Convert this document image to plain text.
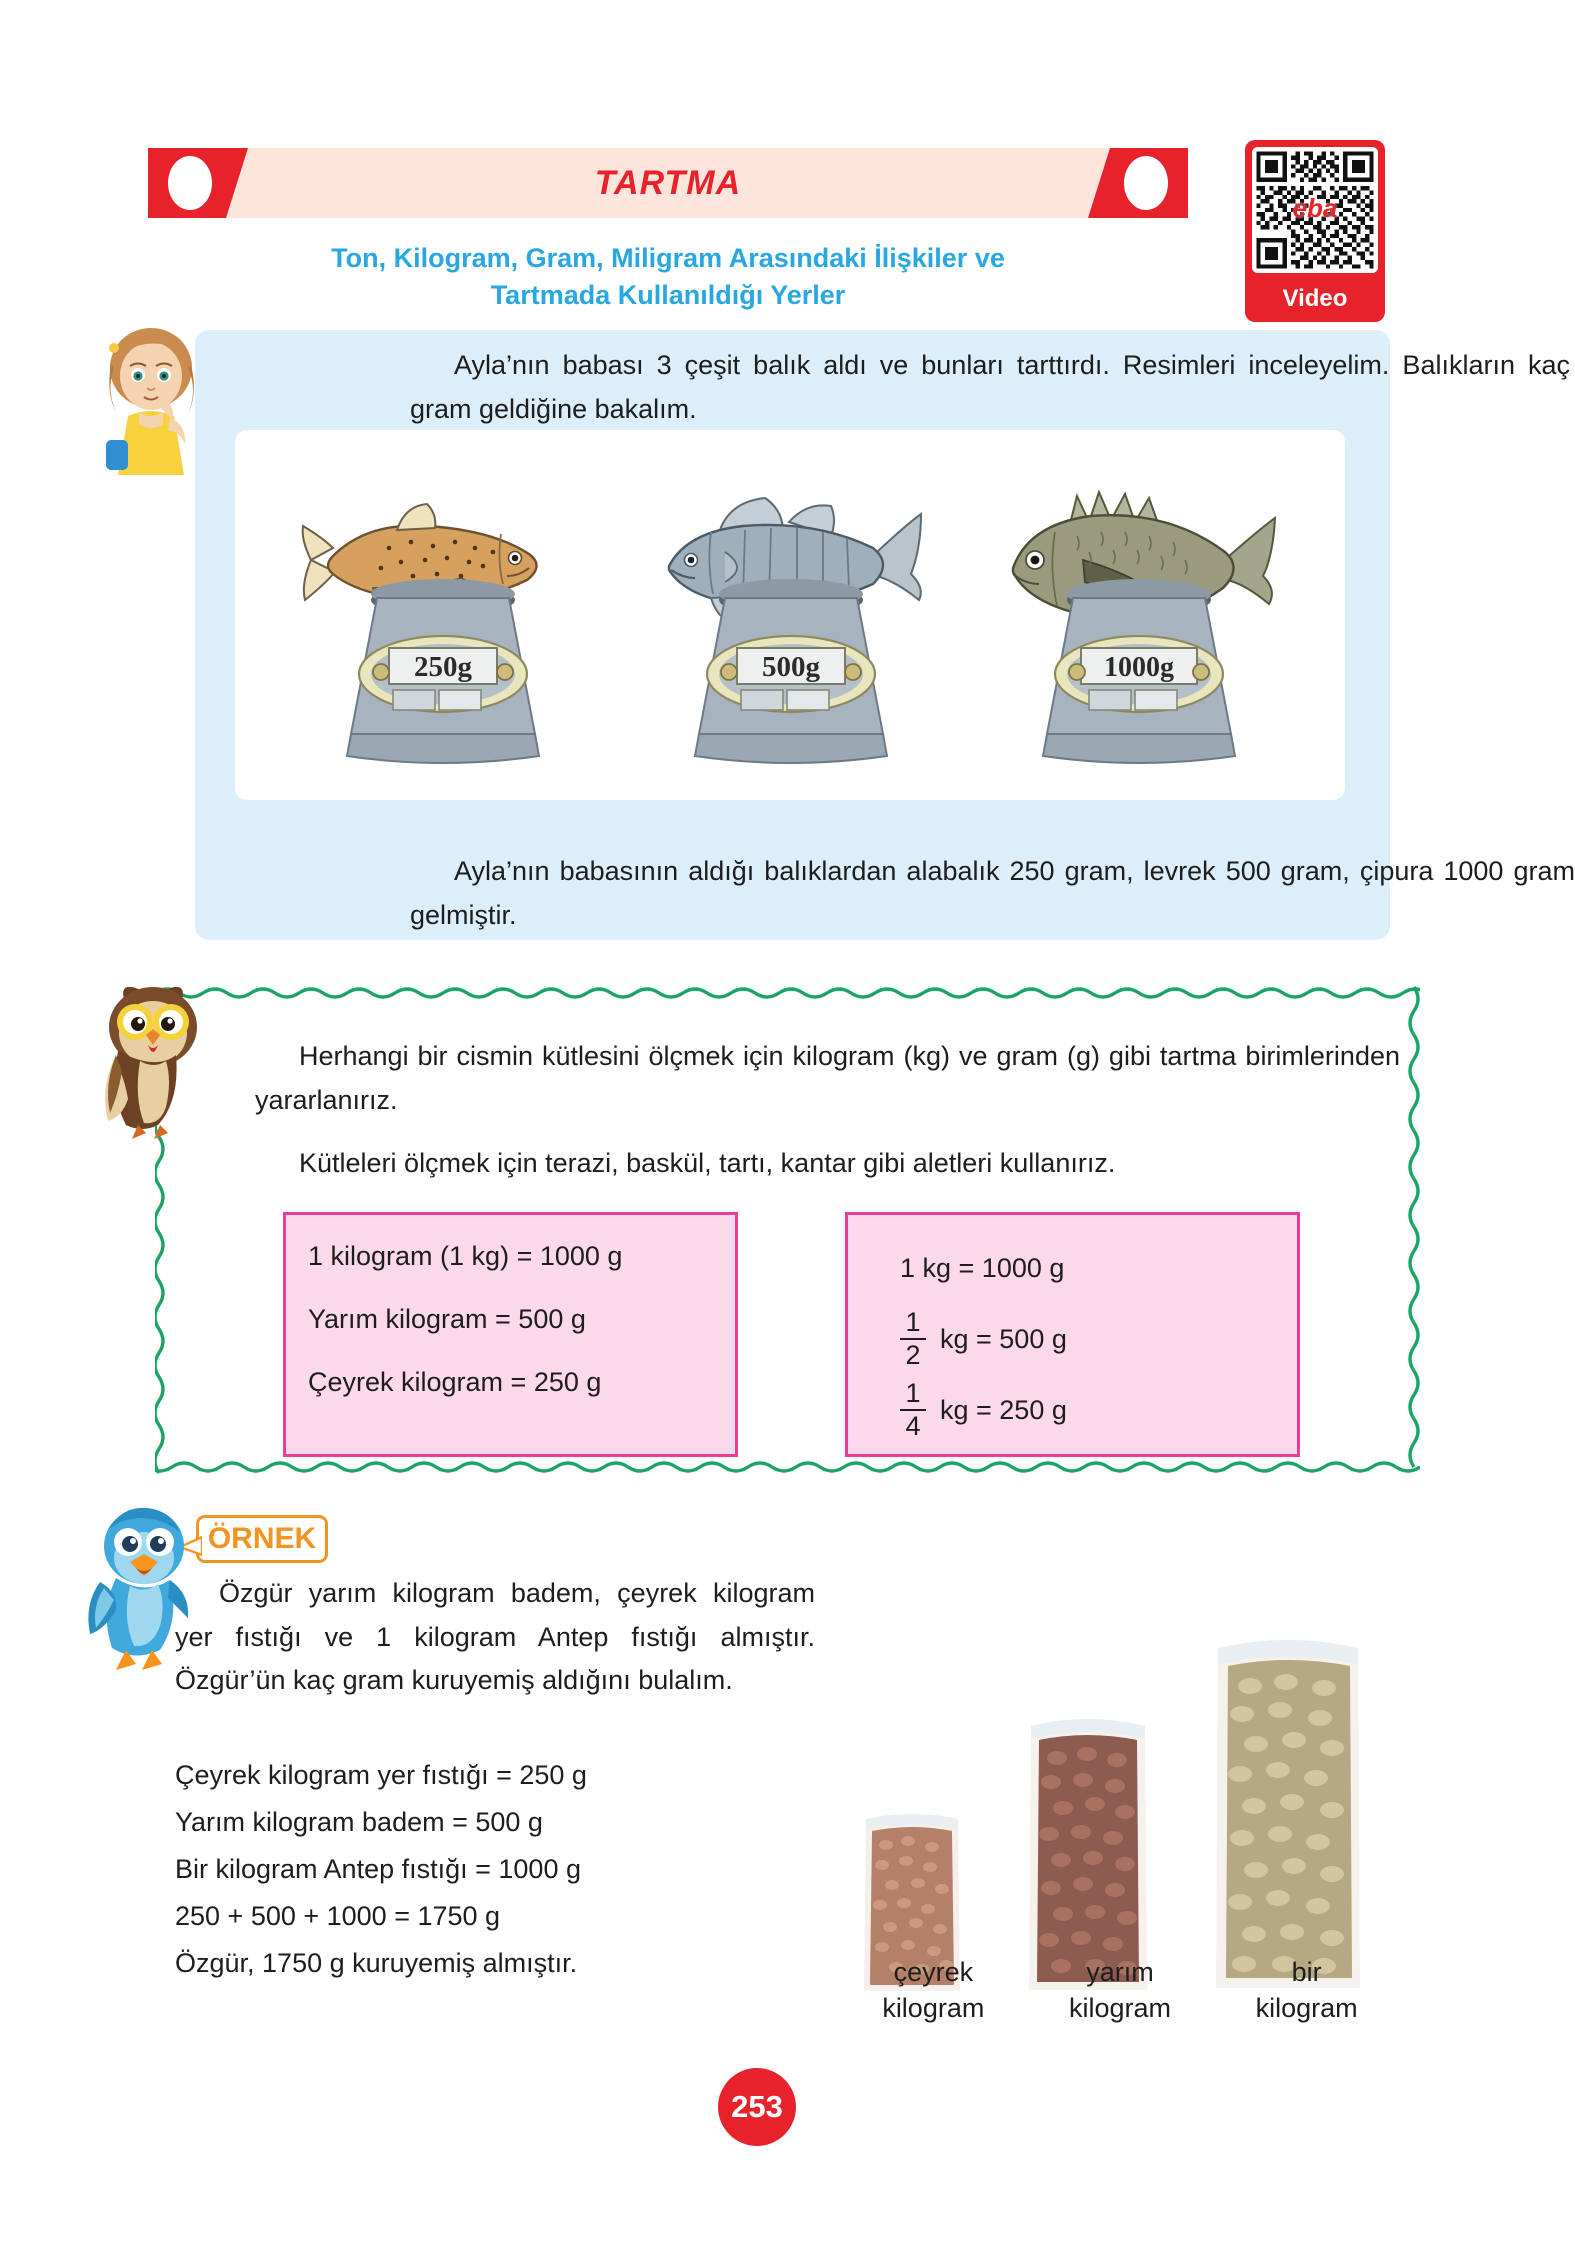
TARTMA
eba
Video
Ton, Kilogram, Gram, Miligram Arasındaki İlişkiler ve
Tartmada Kullanıldığı Yerler

Ayla’nın babası 3 çeşit balık aldı ve bunları tarttırdı. Resimleri inceleyelim. Balıkların kaç gram geldiğine bakalım.

250g	500g	1000g

Ayla’nın babasının aldığı balıklardan alabalık 250 gram, levrek 500 gram, çipura 1000 gram gelmiştir.

Herhangi bir cismin kütlesini ölçmek için kilogram (kg) ve gram (g) gibi tartma birimlerinden yararlanırız.

Kütleleri ölçmek için terazi, baskül, tartı, kantar gibi aletleri kullanırız.

1 kilogram (1 kg) = 1000 g
Yarım kilogram = 500 g
Çeyrek kilogram = 250 g
1 kg = 1000 g
$\frac{1}{2}$ kg = 500 g
$\frac{1}{4}$ kg = 250 g
ÖRNEK

Özgür yarım kilogram badem, çeyrek kilogram yer fıstığı ve 1 kilogram Antep fıstığı almıştır. Özgür’ün kaç gram kuruyemiş aldığını bulalım.

Çeyrek kilogram yer fıstığı = 250 g
Yarım kilogram badem = 500 g
Bir kilogram Antep fıstığı = 1000 g
250 + 500 + 1000 = 1750 g
Özgür, 1750 g kuruyemiş almıştır.	çeyrek
kilogram
yarım
kilogram
bir
kilogram
253
